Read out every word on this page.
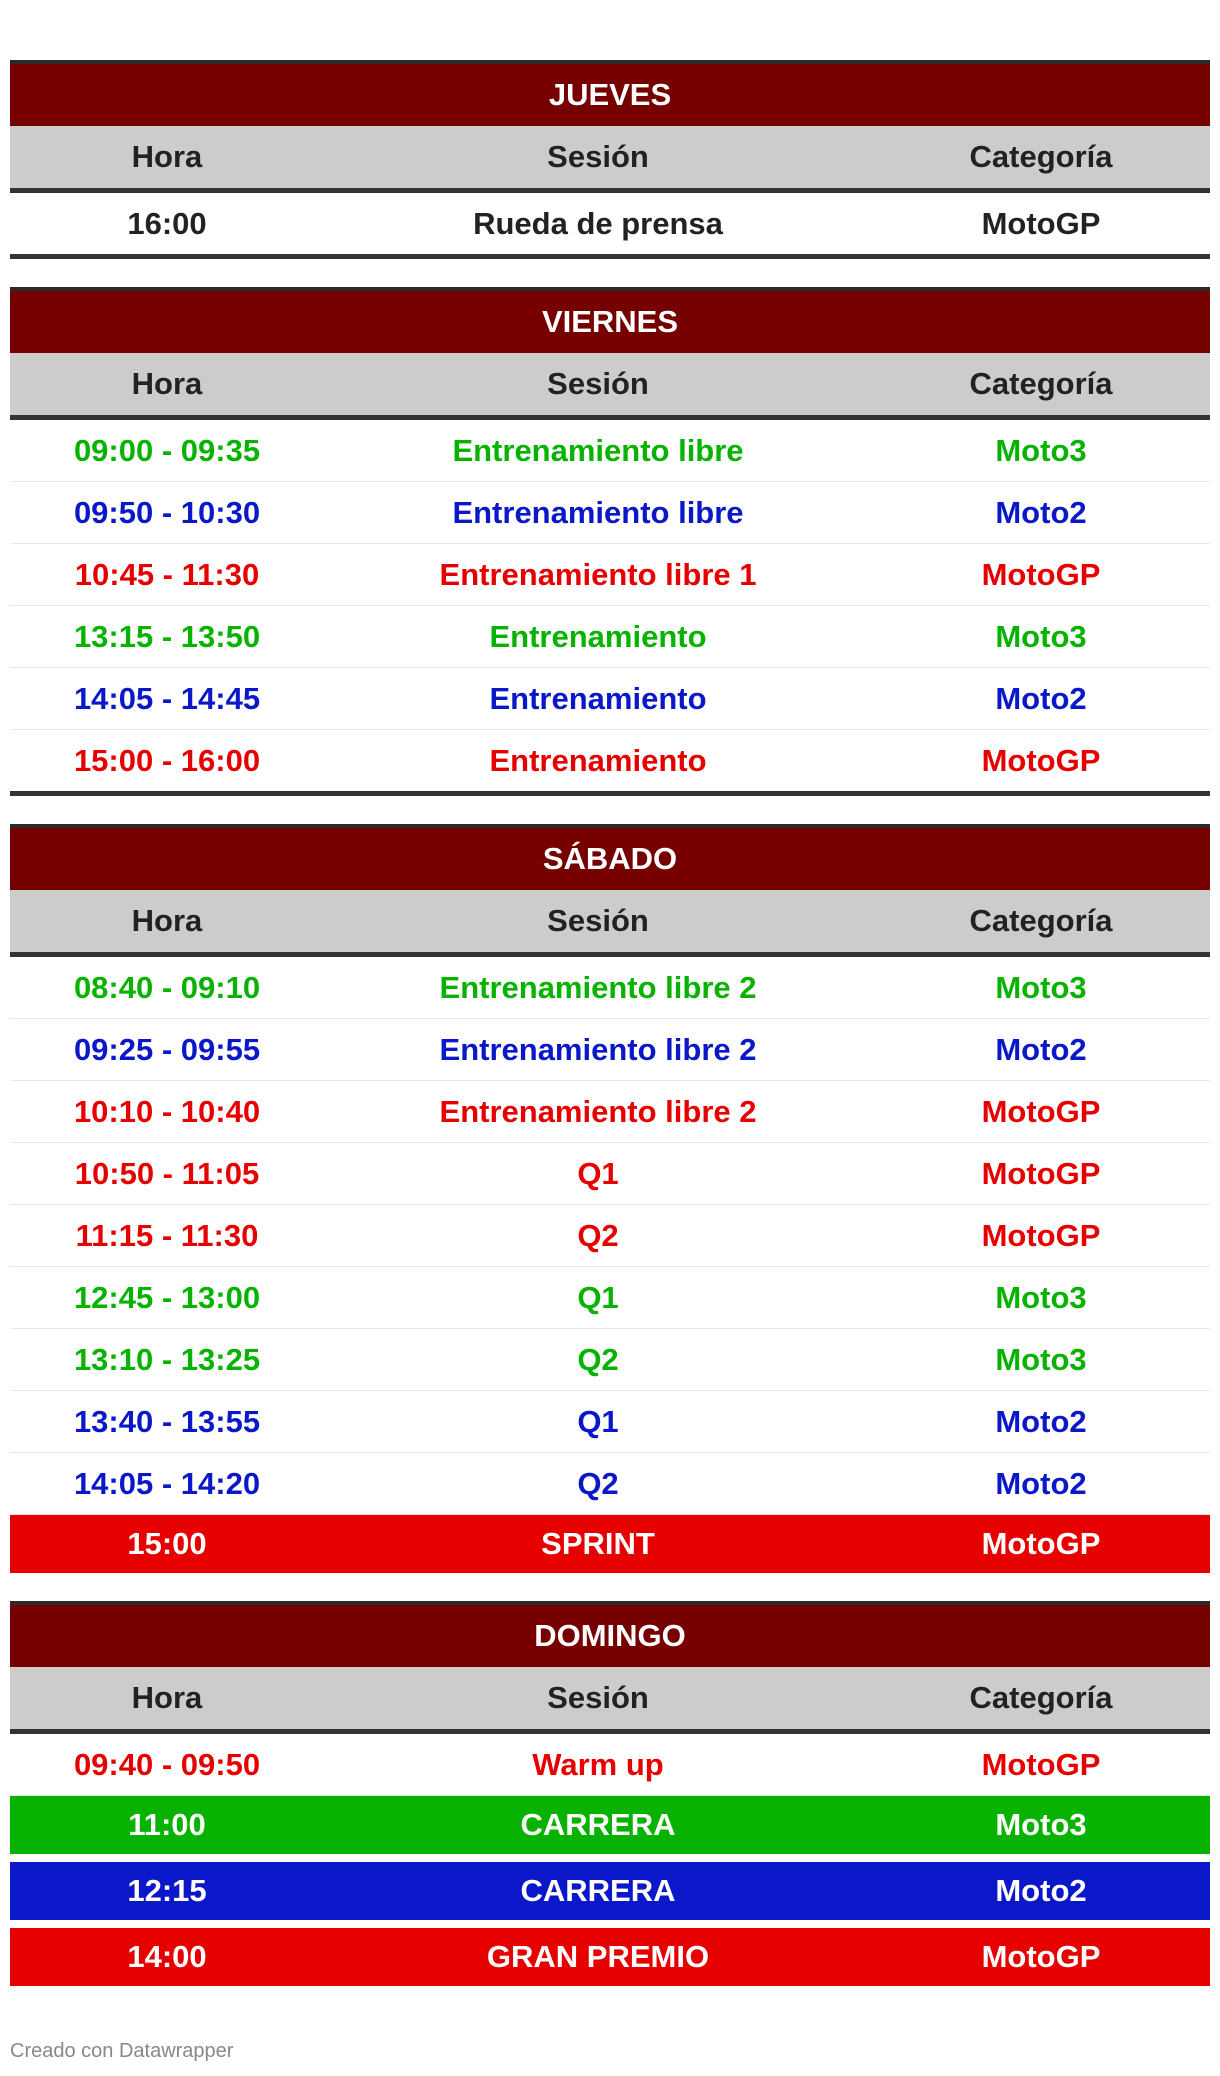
JUEVES
Hora	Sesión	Categoría
16:00	Rueda de prensa	MotoGP
VIERNES
Hora	Sesión	Categoría
09:00 - 09:35	Entrenamiento libre	Moto3
09:50 - 10:30	Entrenamiento libre	Moto2
10:45 - 11:30	Entrenamiento libre 1	MotoGP
13:15 - 13:50	Entrenamiento	Moto3
14:05 - 14:45	Entrenamiento	Moto2
15:00 - 16:00	Entrenamiento	MotoGP
SÁBADO
Hora	Sesión	Categoría
08:40 - 09:10	Entrenamiento libre 2	Moto3
09:25 - 09:55	Entrenamiento libre 2	Moto2
10:10 - 10:40	Entrenamiento libre 2	MotoGP
10:50 - 11:05	Q1	MotoGP
11:15 - 11:30	Q2	MotoGP
12:45 - 13:00	Q1	Moto3
13:10 - 13:25	Q2	Moto3
13:40 - 13:55	Q1	Moto2
14:05 - 14:20	Q2	Moto2
15:00	SPRINT	MotoGP
DOMINGO
Hora	Sesión	Categoría
09:40 - 09:50	Warm up	MotoGP
11:00	CARRERA	Moto3
12:15	CARRERA	Moto2
14:00	GRAN PREMIO	MotoGP
Creado con Datawrapper
